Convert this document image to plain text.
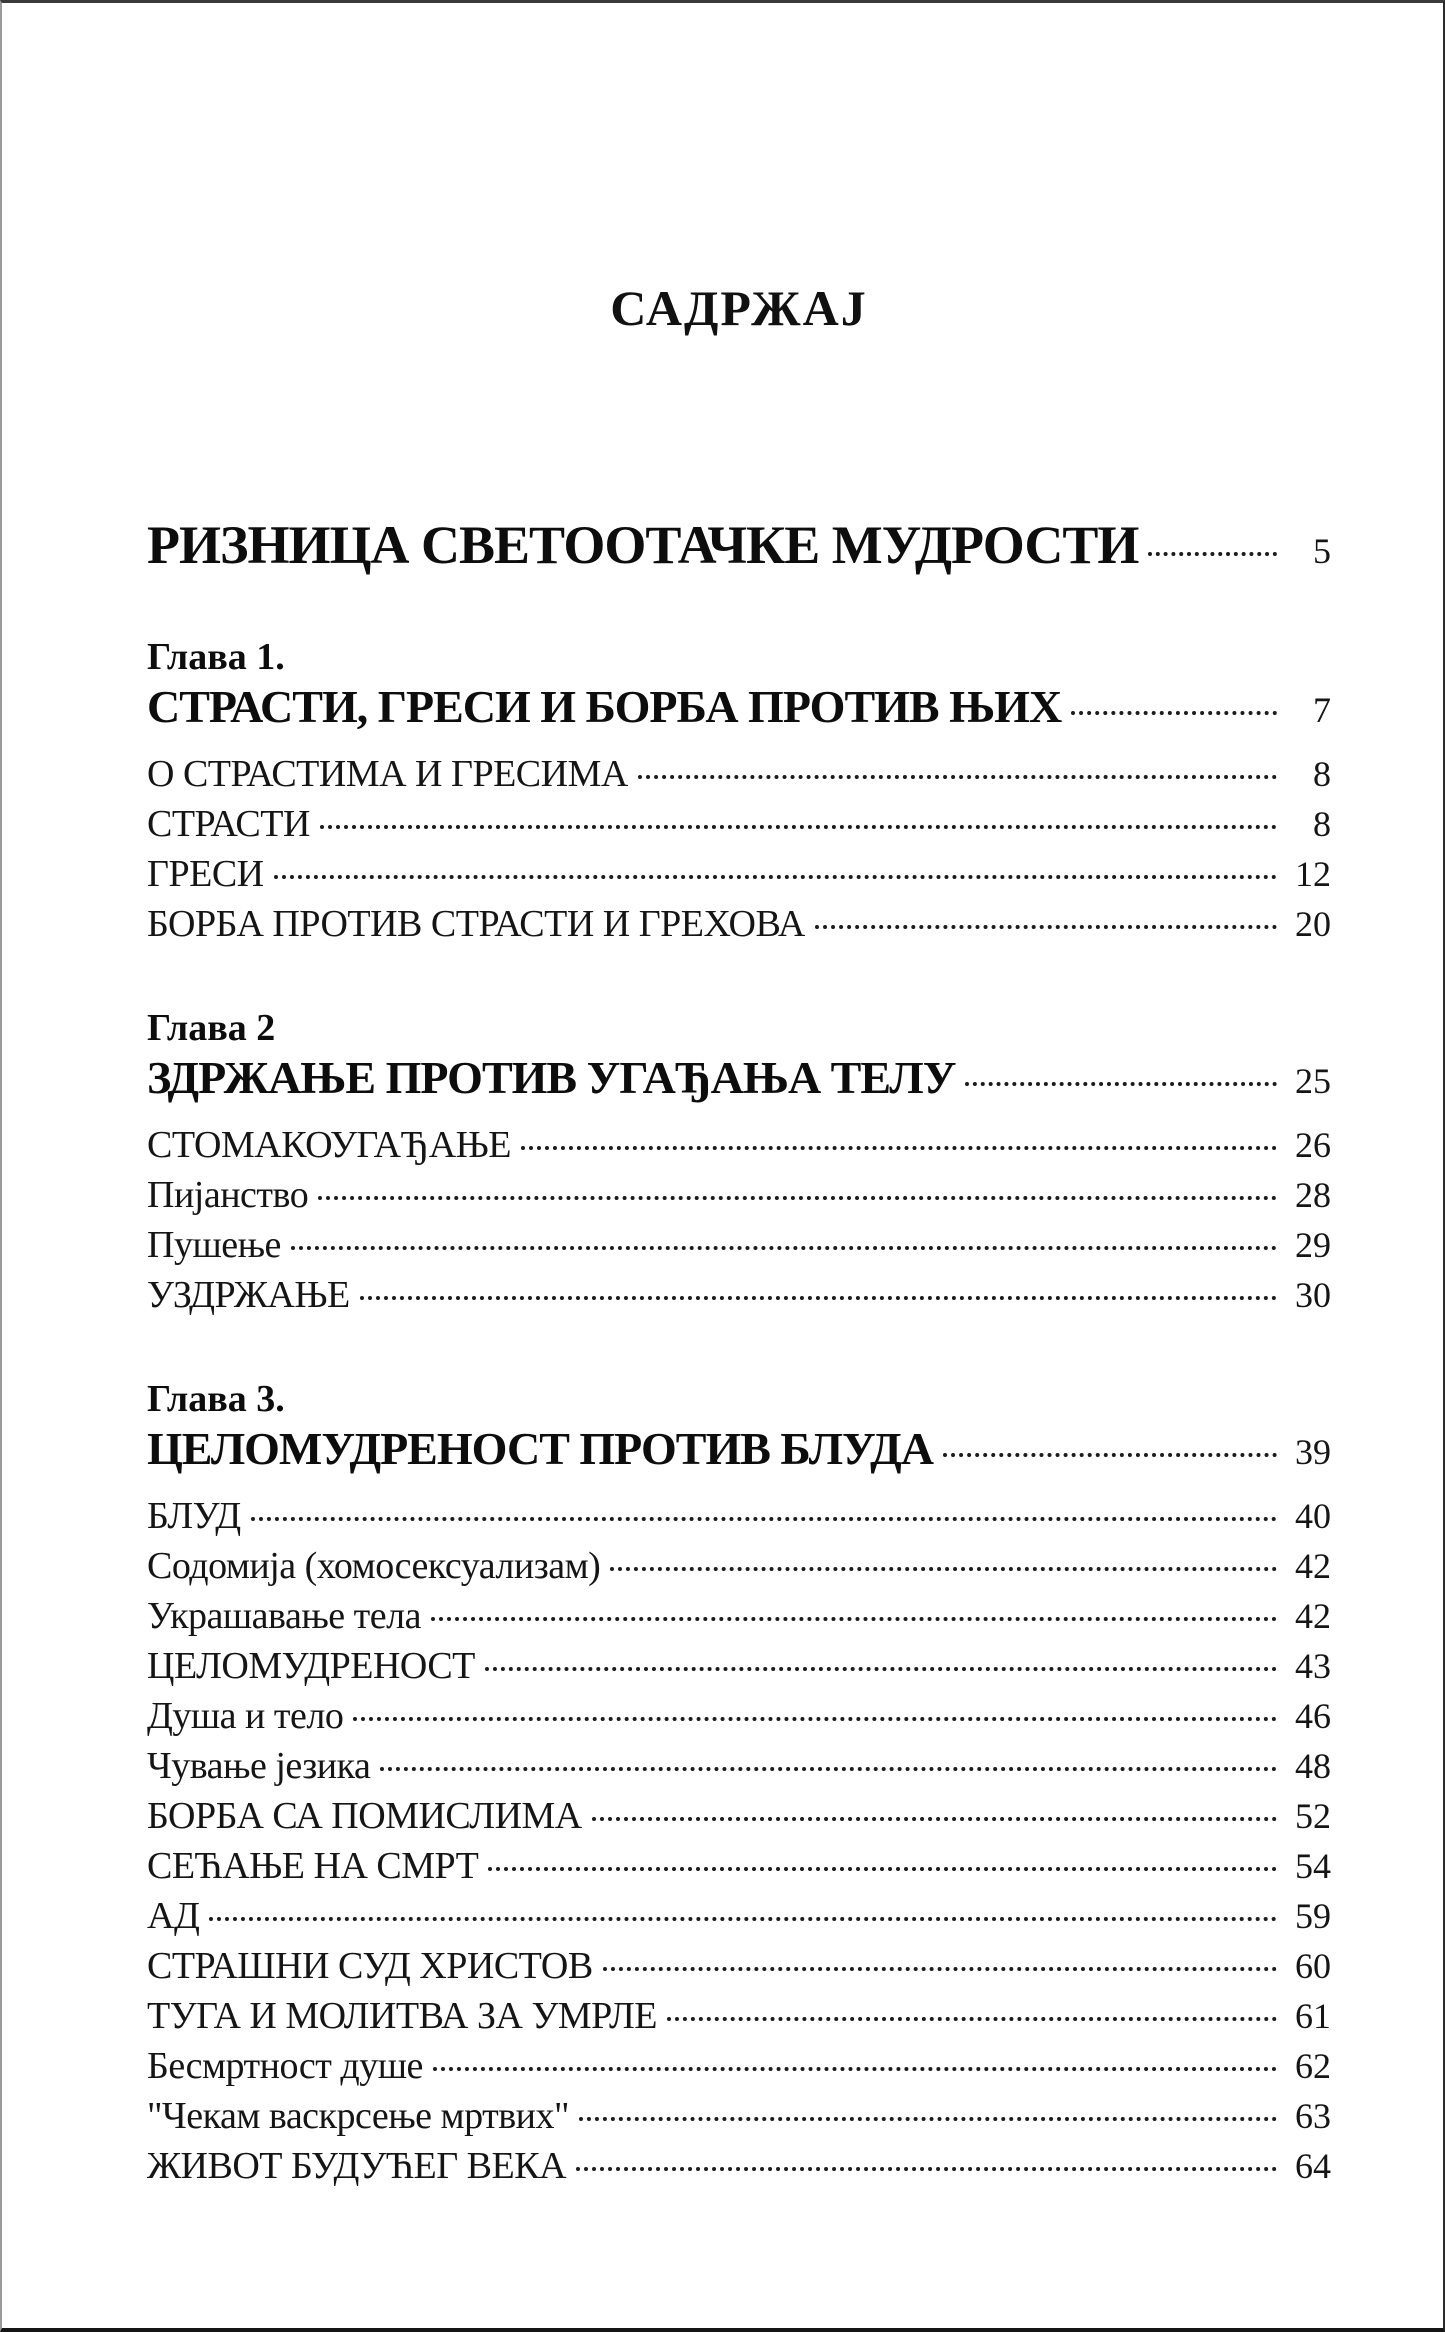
САДРЖАЈ
РИЗНИЦА СВЕТООТАЧКЕ МУДРОСТИ	5
Глава 1.
СТРАСТИ, ГРЕСИ И БОРБА ПРОТИВ ЊИХ	7
О СТРАСТИМА И ГРЕСИМА	8
СТРАСТИ	8
ГРЕСИ	12
БОРБА ПРОТИВ СТРАСТИ И ГРЕХОВА	20
Глава 2
ЗДРЖАЊЕ ПРОТИВ УГАЂАЊА ТЕЛУ	25
СТОМАКОУГАЂАЊЕ	26
Пијанство	28
Пушење	29
УЗДРЖАЊЕ	30
Глава 3.
ЦЕЛОМУДРЕНОСТ ПРОТИВ БЛУДА	39
БЛУД	40
Содомија (хомосексуализам)	42
Украшавање тела	42
ЦЕЛОМУДРЕНОСТ	43
Душа и тело	46
Чување језика	48
БОРБА СА ПОМИСЛИМА	52
СЕЋАЊЕ НА СМРТ	54
АД	59
СТРАШНИ СУД ХРИСТОВ	60
ТУГА И МОЛИТВА ЗА УМРЛЕ	61
Бесмртност душе	62
"Чекам васкрсење мртвих"	63
ЖИВОТ БУДУЋЕГ ВЕКА	64
